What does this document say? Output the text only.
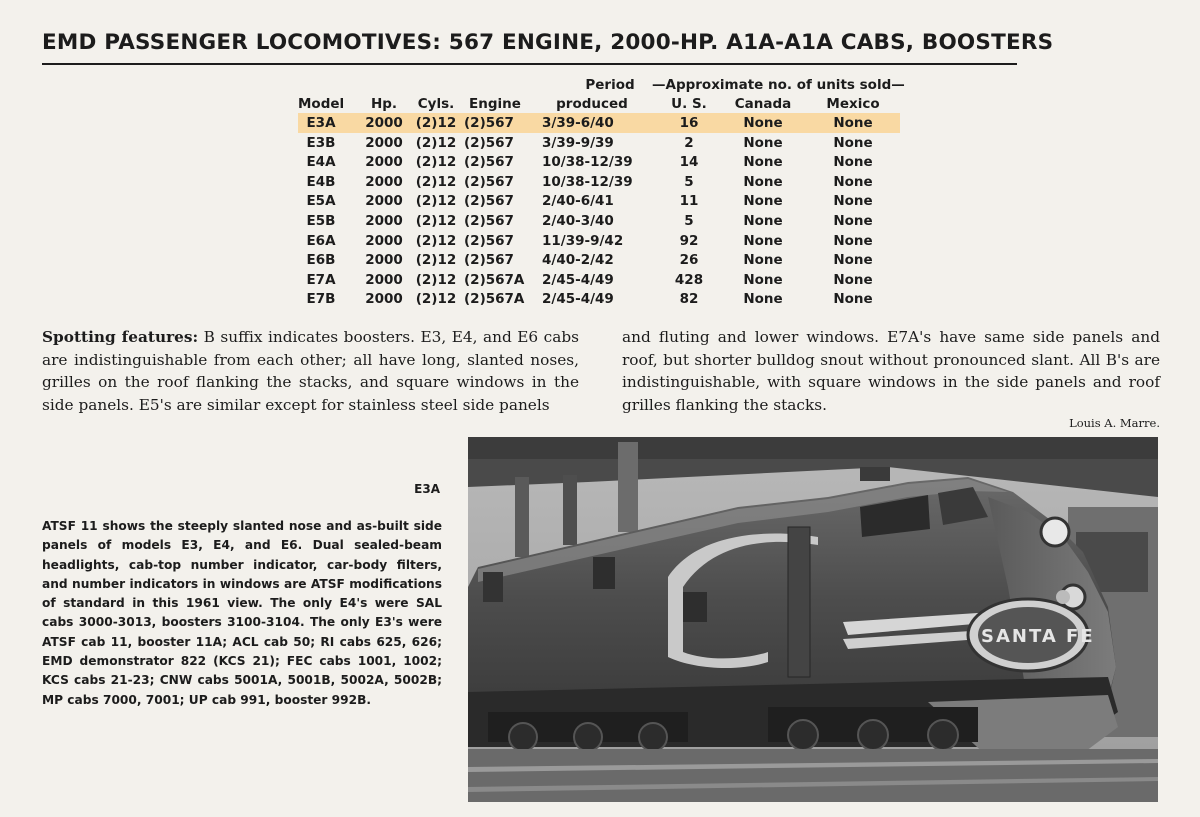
EMD PASSENGER LOCOMOTIVES: 567 ENGINE, 2000-HP. A1A-A1A CABS, BOOSTERS
—Approximate no. of units sold—
Period
Model	Hp.	Cyls.	Engine	produced	U. S.	Canada	Mexico
E3A	2000 (2)12 (2)567	3/39-6/40	16	None	None
E3B	2000 (2)12 (2)567	3/39-9/39	2	None	None
E4A	2000 (2)12 (2)567	10/38-12/39	14	None	None
E4B	2000 (2)12 (2)567	10/38-12/39	5	None	None
E5A	2000 (2)12 (2)567	2/40-6/41	11	None	None
E5B	2000 (2)12 (2)567	2/40-3/40	5	None	None
E6A	2000 (2)12 (2)567	11/39-9/42	92	None	None
E6B	2000 (2)12 (2)567	4/40-2/42	26	None	None
E7A	2000 (2)12 (2)567A 2/45-4/49	428	None	None
E7B	2000 (2)12 (2)567A 2/45-4/49	82	None	None
Spotting features: B suffix indicates boosters. E3, E4, and E6 cabs are indistinguishable from each other; all have long, slanted noses, grilles on the roof flanking the stacks, and square windows in the side panels. E5's are similar except for stainless steel side panels
and fluting and lower windows. E7A's have same side panels and roof, but shorter bulldog snout without pronounced slant. All B's are indistinguishable, with square windows in the side panels and roof grilles flanking the stacks.
Louis A. Marre.
E3A
ATSF 11 shows the steeply slanted nose and as-built side panels of models E3, E4, and E6. Dual sealed-beam headlights, cab-top number indicator, car-body filters, and number indicators in windows are ATSF modifications of standard in this 1961 view. The only E4's were SAL cabs 3000-3013, boosters 3100-3104. The only E3's were ATSF cab 11, booster 11A; ACL cab 50; RI cabs 625, 626; EMD demonstrator 822 (KCS 21); FEC cabs 1001, 1002; KCS cabs 21-23; CNW cabs 5001A, 5001B, 5002A, 5002B; MP cabs 7000, 7001; UP cab 991, booster 992B.
SANTA FE
